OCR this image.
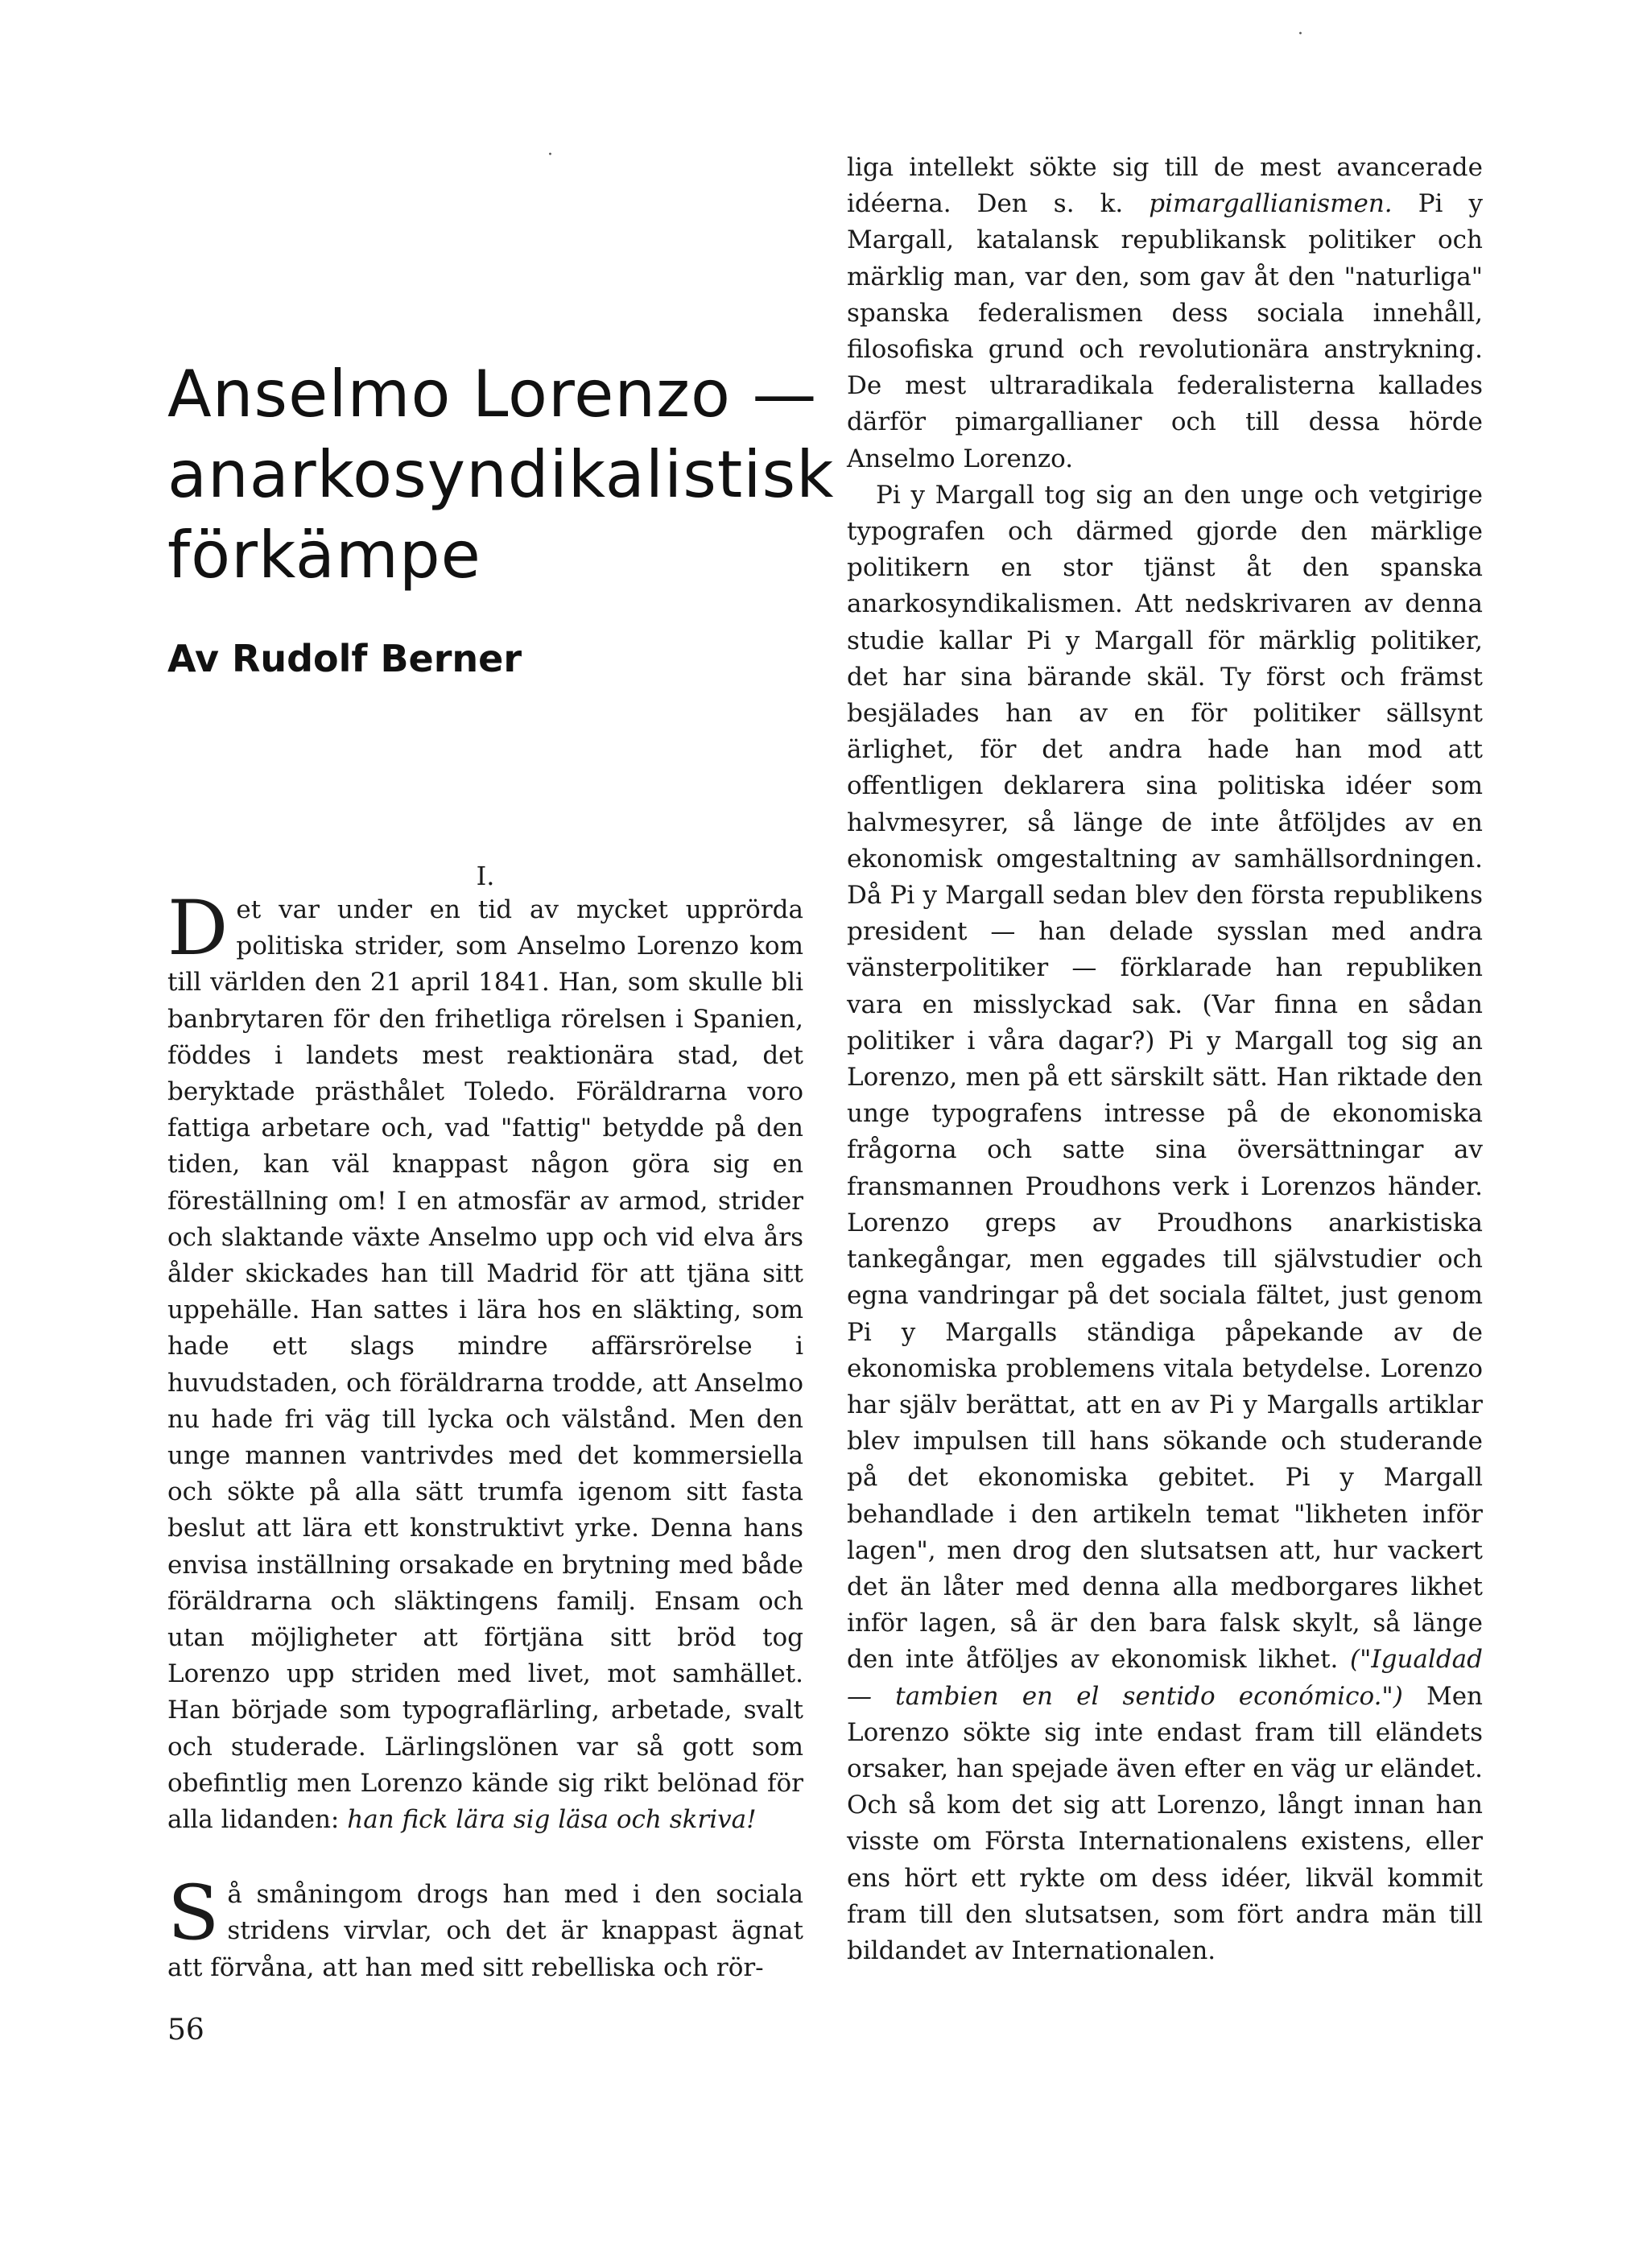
Anselmo Lorenzo —

anarkosyndikalistisk

förkämpe

Av Rudolf Berner

I.

Det var under en tid av mycket upprörda politiska strider, som Anselmo Lorenzo kom till världen den 21 april 1841. Han, som skulle bli banbrytaren för den frihetliga rörelsen i Spanien, föddes i landets mest reaktionära stad, det beryktade prästhålet Toledo. Föräldrarna voro fattiga arbetare och, vad "fattig" betydde på den tiden, kan väl knappast någon göra sig en föreställning om! I en atmosfär av armod, strider och slaktande växte Anselmo upp och vid elva års ålder skickades han till Madrid för att tjäna sitt uppehälle. Han sattes i lära hos en släkting, som hade ett slags mindre affärsrörelse i huvudstaden, och föräldrarna trodde, att Anselmo nu hade fri väg till lycka och välstånd. Men den unge mannen vantrivdes med det kommersiella och sökte på alla sätt trumfa igenom sitt fasta beslut att lära ett konstruktivt yrke. Denna hans envisa inställning orsakade en brytning med både föräldrarna och släktingens familj. Ensam och utan möjligheter att förtjäna sitt bröd tog Lorenzo upp striden med livet, mot samhället. Han började som typograflärling, arbetade, svalt och studerade. Lärlingslönen var så gott som obefintlig men Lorenzo kände sig rikt belönad för alla lidanden: han fick lära sig läsa och skriva!

Så småningom drogs han med i den sociala stridens virvlar, och det är knappast ägnat att förvåna, att han med sitt rebelliska och rör-

liga intellekt sökte sig till de mest avancerade idéerna. Den s. k. pimargallianismen. Pi y Margall, katalansk republikansk politiker och märklig man, var den, som gav åt den "naturliga" spanska federalismen dess sociala innehåll, filosofiska grund och revolutionära anstrykning. De mest ultraradikala federalisterna kallades därför pimargallianer och till dessa hörde Anselmo Lorenzo.

Pi y Margall tog sig an den unge och vetgirige typografen och därmed gjorde den märklige politikern en stor tjänst åt den spanska anarkosyndikalismen. Att nedskrivaren av denna studie kallar Pi y Margall för märklig politiker, det har sina bärande skäl. Ty först och främst besjälades han av en för politiker sällsynt ärlighet, för det andra hade han mod att offentligen deklarera sina politiska idéer som halvmesyrer, så länge de inte åtföljdes av en ekonomisk omgestaltning av samhällsordningen. Då Pi y Margall sedan blev den första republikens president — han delade sysslan med andra vänsterpolitiker — förklarade han republiken vara en misslyckad sak. (Var finna en sådan politiker i våra dagar?) Pi y Margall tog sig an Lorenzo, men på ett särskilt sätt. Han riktade den unge typografens intresse på de ekonomiska frågorna och satte sina översättningar av fransmannen Proudhons verk i Lorenzos händer. Lorenzo greps av Proudhons anarkistiska tankegångar, men eggades till självstudier och egna vandringar på det sociala fältet, just genom Pi y Margalls ständiga påpekande av de ekonomiska problemens vitala betydelse. Lorenzo har själv berättat, att en av Pi y Margalls artiklar blev impulsen till hans sökande och studerande på det ekonomiska gebitet. Pi y Margall behandlade i den artikeln temat "likheten inför lagen", men drog den slutsatsen att, hur vackert det än låter med denna alla medborgares likhet inför lagen, så är den bara falsk skylt, så länge den inte åtföljes av ekonomisk likhet. ("Igualdad — tambien en el sentido económico.") Men Lorenzo sökte sig inte endast fram till eländets orsaker, han spejade även efter en väg ur eländet. Och så kom det sig att Lorenzo, långt innan han visste om Första Internationalens existens, eller ens hört ett rykte om dess idéer, likväl kommit fram till den slutsatsen, som fört andra män till bildandet av Internationalen.

56
·
·
